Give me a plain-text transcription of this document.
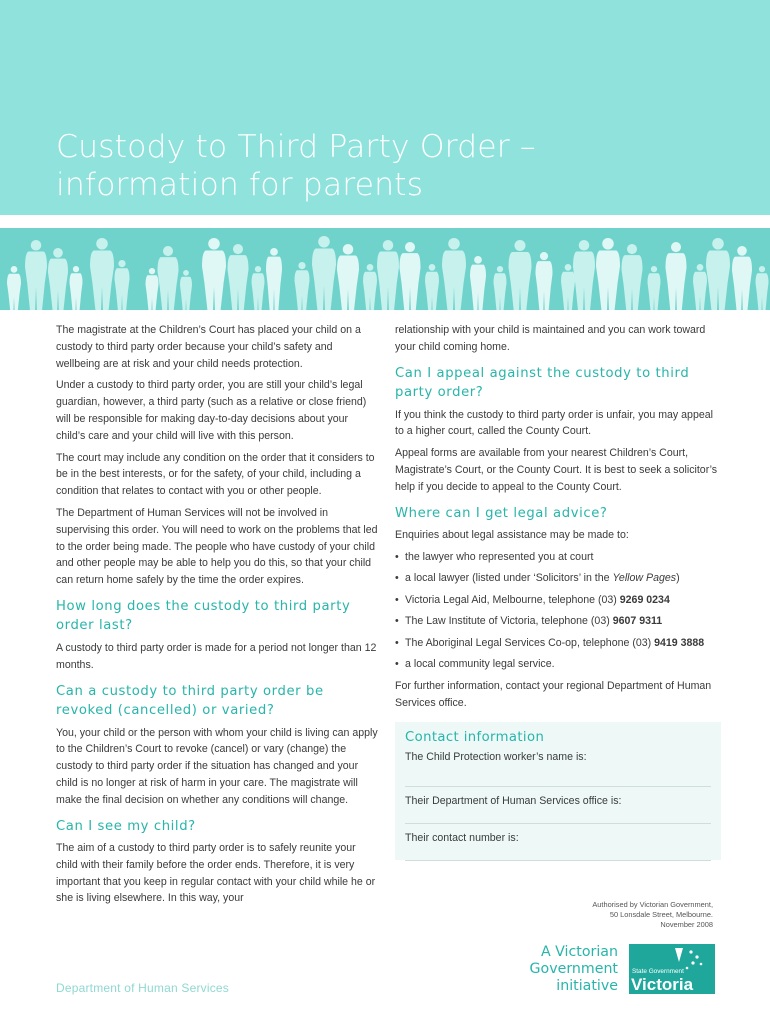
Custody to Third Party Order –
information for parents

The magistrate at the Children’s Court has placed your child on a custody to third party order because your child’s safety and wellbeing are at risk and your child needs protection.

Under a custody to third party order, you are still your child’s legal guardian, however, a third party (such as a relative or close friend) will be responsible for making day-to-day decisions about your child’s care and your child will live with this person.

The court may include any condition on the order that it considers to be in the best interests, or for the safety, of your child, including a condition that relates to contact with you or other people.

The Department of Human Services will not be involved in supervising this order. You will need to work on the problems that led to the order being made. The people who have custody of your child and other people may be able to help you do this, so that your child can return home safely by the time the order expires.

How long does the custody to third party order last?

A custody to third party order is made for a period not longer than 12 months.

Can a custody to third party order be revoked (cancelled) or varied?

You, your child or the person with whom your child is living can apply to the Children’s Court to revoke (cancel) or vary (change) the custody to third party order if the situation has changed and your child is no longer at risk of harm in your care. The magistrate will make the final decision on whether any conditions will change.

Can I see my child?

The aim of a custody to third party order is to safely reunite your child with their family before the order ends. Therefore, it is very important that you keep in regular contact with your child while he or she is living elsewhere. In this way, your

relationship with your child is maintained and you can work toward your child coming home.

Can I appeal against the custody to third party order?

If you think the custody to third party order is unfair, you may appeal to a higher court, called the County Court.

Appeal forms are available from your nearest Children’s Court, Magistrate’s Court, or the County Court. It is best to seek a solicitor’s help if you decide to appeal to the County Court.

Where can I get legal advice?

Enquiries about legal assistance may be made to:

• the lawyer who represented you at court
• a local lawyer (listed under ‘Solicitors’ in the Yellow Pages)
• Victoria Legal Aid, Melbourne, telephone (03) 9269 0234
• The Law Institute of Victoria, telephone (03) 9607 9311
• The Aboriginal Legal Services Co-op, telephone (03) 9419 3888
• a local community legal service.

For further information, contact your regional Department of Human Services office.

Contact information
The Child Protection worker’s name is:
Their Department of Human Services office is:
Their contact number is:
Authorised by Victorian Government,
50 Lonsdale Street, Melbourne.
November 2008
A Victorian
Government
initiative
State Government
Victoria
Department of Human Services
